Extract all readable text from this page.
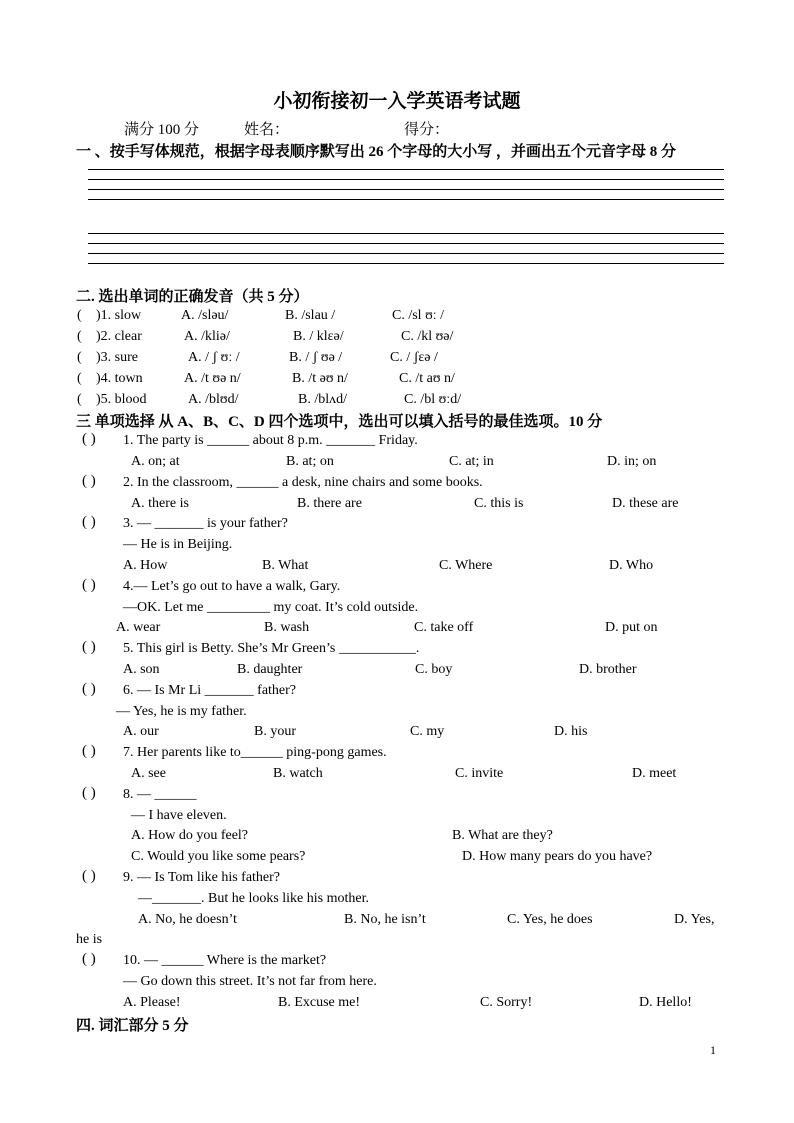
小初衔接初一入学英语考试题
满分 100 分	姓名：	得分：
一 、按手写体规范，根据字母表顺序默写出 26 个字母的大小写 ，并画出五个元音字母 8 分
二. 选出单词的正确发音（共 5 分）
( )1. slow	A. /sləu/	B. /slau /	C. /sl ʊː /
( )2. clear	A. /kliə/	B. / klεə/	C. /kl ʊə/
( )3. sure	A. / ʃ ʊː /	B. / ʃ ʊə /	C. / ʃεə /
( )4. town	A. /t ʊə n/	B. /t əʊ n/	C. /t aʊ n/
( )5. blood	A. /blʊd/	B. /blʌd/	C. /bl ʊːd/
三 单项选择 从 A、B、C、D 四个选项中，选出可以填入括号的最佳选项。10 分
( ) 1. The party is ______ about 8 p.m. _______ Friday.
A. on; at	B. at; on	C. at; in	D. in; on
( ) 2. In the classroom, ______ a desk, nine chairs and some books.
A. there is	B. there are	C. this is	D. these are
( ) 3. — _______ is your father?
— He is in Beijing.
A. How	B. What	C. Where	D. Who
( ) 4.— Let’s go out to have a walk, Gary.
—OK. Let me _________ my coat. It’s cold outside.
A. wear	B. wash	C. take off	D. put on
( ) 5. This girl is Betty. She’s Mr Green’s ___________.
A. son	B. daughter	C. boy	D. brother
( ) 6. — Is Mr Li _______ father?
— Yes, he is my father.
A. our	B. your	C. my	D. his
( ) 7. Her parents like to______ ping-pong games.
A. see	B. watch	C. invite	D. meet
( ) 8. — ______
— I have eleven.
A. How do you feel?	B. What are they?
C. Would you like some pears?	D. How many pears do you have?
( ) 9. — Is Tom like his father?
—_______. But he looks like his mother.
A. No, he doesn’t	B. No, he isn’t	C. Yes, he does	D. Yes,
he is
( ) 10. — ______ Where is the market?
— Go down this street. It’s not far from here.
A. Please!	B. Excuse me!	C. Sorry!	D. Hello!
四. 词汇部分 5 分
1
